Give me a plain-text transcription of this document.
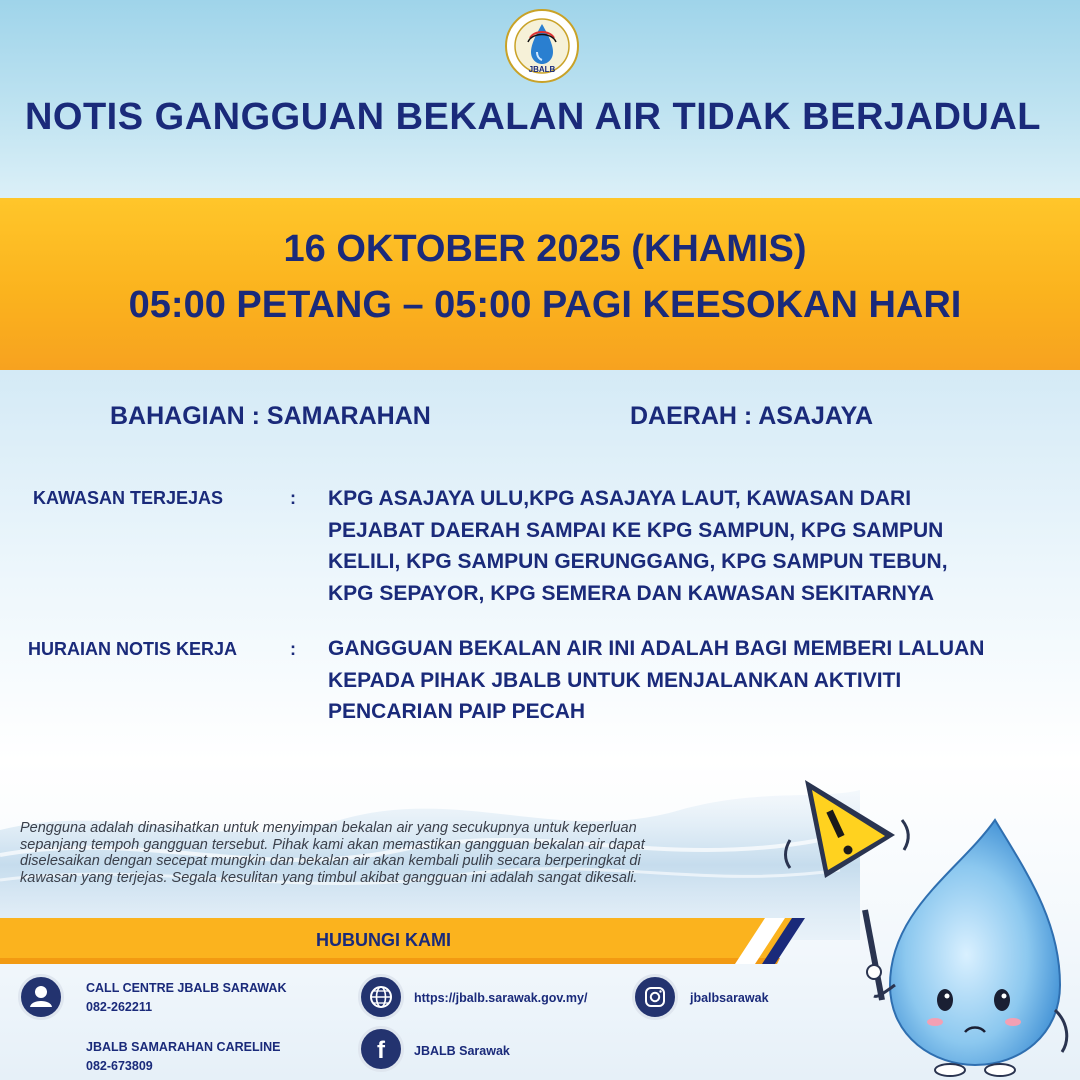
JBALB
NOTIS GANGGUAN BEKALAN AIR TIDAK BERJADUAL
16 OKTOBER 2025 (KHAMIS)
05:00 PETANG – 05:00 PAGI KEESOKAN HARI
BAHAGIAN : SAMARAHAN	DAERAH : ASAJAYA
KAWASAN TERJEJAS	: KPG ASAJAYA ULU,KPG ASAJAYA LAUT, KAWASAN DARI
PEJABAT DAERAH SAMPAI KE KPG SAMPUN, KPG SAMPUN
KELILI, KPG SAMPUN GERUNGGANG, KPG SAMPUN TEBUN,
KPG SEPAYOR, KPG SEMERA DAN KAWASAN SEKITARNYA
HURAIAN NOTIS KERJA	: GANGGUAN BEKALAN AIR INI ADALAH BAGI MEMBERI LALUAN
KEPADA PIHAK JBALB UNTUK MENJALANKAN AKTIVITI
PENCARIAN PAIP PECAH
Pengguna adalah dinasihatkan untuk menyimpan bekalan air yang secukupnya untuk keperluan
sepanjang tempoh gangguan tersebut. Pihak kami akan memastikan gangguan bekalan air dapat
diselesaikan dengan secepat mungkin dan bekalan air akan kembali pulih secara berperingkat di
kawasan yang terjejas. Segala kesulitan yang timbul akibat gangguan ini adalah sangat dikesali.
HUBUNGI KAMI
CALL CENTRE JBALB SARAWAK
082-262211
JBALB SAMARAHAN CARELINE
082-673809
https://jbalb.sarawak.gov.my/
f JBALB Sarawak
jbalbsarawak
